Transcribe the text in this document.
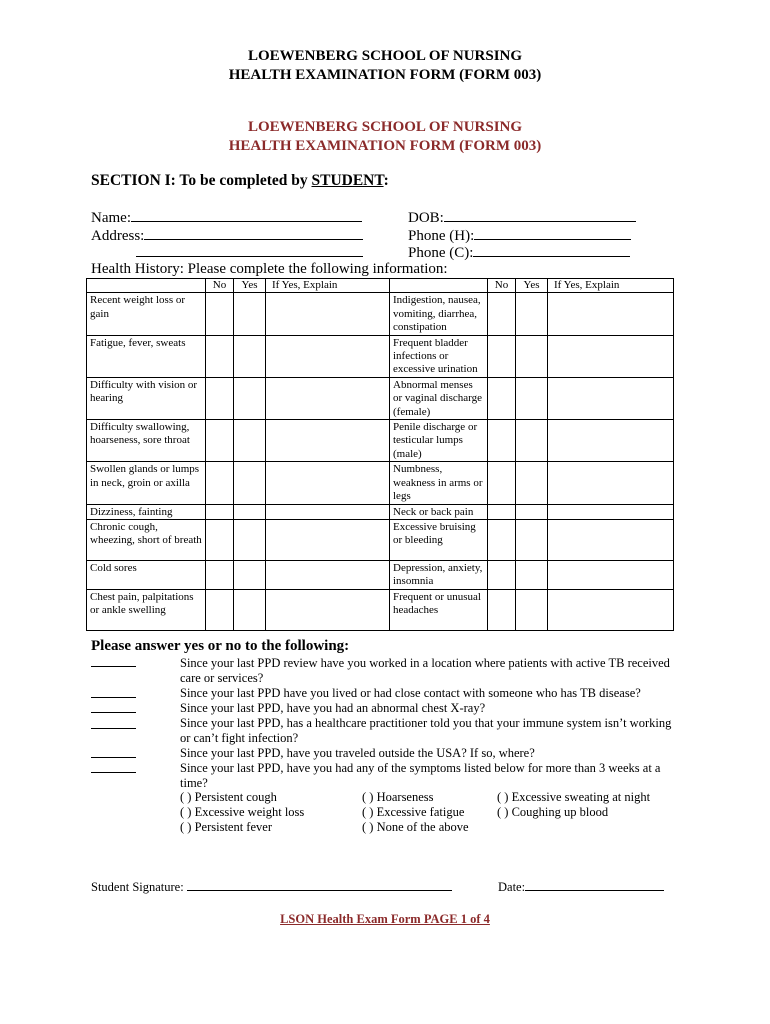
LOEWENBERG SCHOOL OF NURSING
HEALTH EXAMINATION FORM (FORM 003)
LOEWENBERG SCHOOL OF NURSING
HEALTH EXAMINATION FORM (FORM 003)
SECTION I: To be completed by STUDENT:
Name:
Address:
DOB:
Phone (H):
Phone (C):
Health History: Please complete the following information:
	No	Yes	If Yes, Explain		No	Yes	If Yes, Explain
Recent weight loss or gain				Indigestion, nausea, vomiting, diarrhea, constipation			
Fatigue, fever, sweats				Frequent bladder infections or excessive urination			
Difficulty with vision or hearing				Abnormal menses or vaginal discharge (female)			
Difficulty swallowing, hoarseness, sore throat				Penile discharge or testicular lumps (male)			
Swollen glands or lumps in neck, groin or axilla				Numbness, weakness in arms or legs			
Dizziness, fainting				Neck or back pain			
Chronic cough, wheezing, short of breath				Excessive bruising or bleeding			
Cold sores				Depression, anxiety, insomnia			
Chest pain, palpitations or ankle swelling				Frequent or unusual headaches			
Please answer yes or no to the following:
Since your last PPD review have you worked in a location where patients with active TB received care or services?
Since your last PPD have you lived or had close contact with someone who has TB disease?
Since your last PPD, have you had an abnormal chest X-ray?
Since your last PPD, has a healthcare practitioner told you that your immune system isn’t working or can’t fight infection?
Since your last PPD, have you traveled outside the USA? If so, where?
Since your last PPD, have you had any of the symptoms listed below for more than 3 weeks at a time?
( ) Persistent cough	( ) Hoarseness	( ) Excessive sweating at night
( ) Excessive weight loss	( ) Excessive fatigue	( ) Coughing up blood
( ) Persistent fever	( ) None of the above
Student Signature:	Date:
LSON Health Exam Form PAGE 1 of 4
